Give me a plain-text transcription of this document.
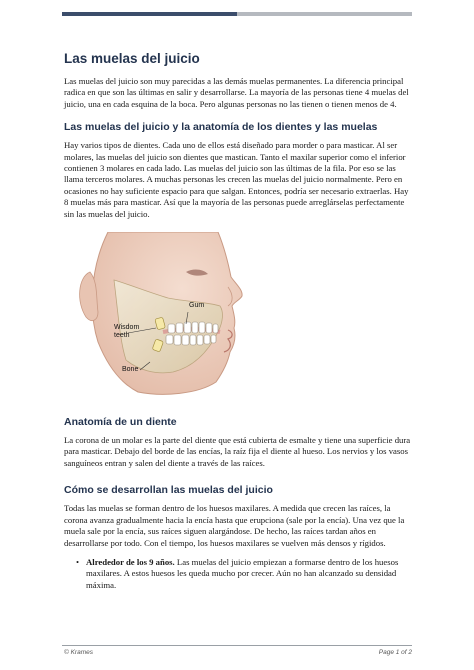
Las muelas del juicio

Las muelas del juicio son muy parecidas a las demás muelas permanentes. La diferencia principal radica en que son las últimas en salir y desarrollarse. La mayoría de las personas tiene 4 muelas del juicio, una en cada esquina de la boca. Pero algunas personas no las tienen o tienen menos de 4.

Las muelas del juicio y la anatomía de los dientes y las muelas

Hay varios tipos de dientes. Cada uno de ellos está diseñado para morder o para masticar. Al ser molares, las muelas del juicio son dientes que mastican. Tanto el maxilar superior como el inferior contienen 3 molares en cada lado. Las muelas del juicio son las últimas de la fila. Por eso se las llama terceros molares. A muchas personas les crecen las muelas del juicio normalmente. Pero en ocasiones no hay suficiente espacio para que salgan. Entonces, podría ser necesario extraerlas. Hay 8 muelas más para masticar. Así que la mayoría de las personas puede arreglárselas perfectamente sin las muelas del juicio.

Gum
Wisdom
teeth
Bone
Anatomía de un diente

La corona de un molar es la parte del diente que está cubierta de esmalte y tiene una superficie dura para masticar. Debajo del borde de las encías, la raíz fija el diente al hueso. Los nervios y los vasos sanguíneos entran y salen del diente a través de las raíces.

Cómo se desarrollan las muelas del juicio

Todas las muelas se forman dentro de los huesos maxilares. A medida que crecen las raíces, la corona avanza gradualmente hacia la encía hasta que erupciona (sale por la encía). Una vez que la muela sale por la encía, sus raíces siguen alargándose. De hecho, las raíces tardan años en desarrollarse por todo. Con el tiempo, los huesos maxilares se vuelven más densos y rígidos.

• Alrededor de los 9 años. Las muelas del juicio empiezan a formarse dentro de los huesos maxilares. A estos huesos les queda mucho por crecer. Aún no han alcanzado su densidad máxima.
© Krames	Page 1 of 2
